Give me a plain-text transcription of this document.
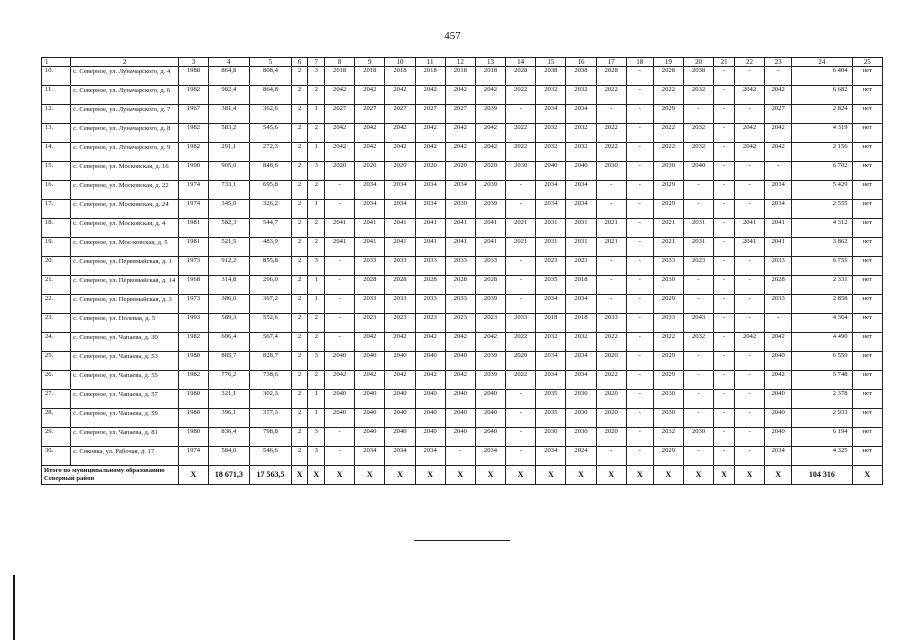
457
1	2	3	4	5	6	7	8	9	10	11	12	13	14	15	16	17	18	19	20	21	22	23	24	25
10.	с. Северное, ул. Луначарского, д. 4	1988	864,8	808,4	2	3	2018	2018	2018	2018	2018	2018	2028	2038	2038	2028	-	2028	2038	-	-	-	6 404	нет
11.	с. Северное, ул. Луначарского, д. 6	1982	902,4	864,8	2	2	2042	2042	2042	2042	2042	2042	2022	2032	2032	2022	-	2022	2032	-	2042	2042	6 682	нет
12.	с. Северное, ул. Луначарского, д. 7	1967	381,4	362,6	2	1	2027	2027	2027	2027	2027	2039	-	2034	2034	-	-	2029	-	-	-	2027	2 824	нет
13.	с. Северное, ул. Луначарского, д. 8	1982	583,2	545,6	2	2	2042	2042	2042	2042	2042	2042	2022	2032	2032	2022	-	2022	2032	-	2042	2042	4 319	нет
14.	с. Северное, ул. Луначарского, д. 9	1982	291,1	272,3	2	1	2042	2042	2042	2042	2042	2042	2022	2032	2032	2022	-	2022	2032	-	2042	2042	2 156	нет
15.	с. Северное, ул. Московская, д. 16	1990	905,0	848,6	2	3	2020	2020	2020	2020	2020	2020	2030	2040	2040	2030	-	2030	2040	-	-	-	6 702	нет
16.	с. Северное, ул. Московская, д. 22	1974	733,1	695,8	2	2	-	2034	2034	2034	2034	2039	-	2034	2034	-	-	2029	-	-	-	2034	5 429	нет
17.	с. Северное, ул. Московская, д. 24	1974	345,0	326,2	2	1	-	2034	2034	2034	2039	2039	-	2034	2034	-	-	2029	-	-	-	2034	2 555	нет
18.	с. Северное, ул. Московская, д. 4	1981	582,3	544,7	2	2	2041	2041	2041	2041	2041	2041	2021	2031	2031	2021	-	2021	2031	-	2041	2041	4 312	нет
19.	с. Северное, ул. Мос-ковская, д. 5	1981	521,5	483,9	2	2	2041	2041	2041	2041	2041	2041	2021	2031	2031	2021	-	2021	2031	-	2041	2041	3 862	нет
20.	с. Северное, ул. Первомайская, д. 1	1973	912,2	855,8	2	3	-	2033	2033	2033	2033	2033	-	2023	2023	-	-	2033	2023	-	-	2033	6 755	нет
21.	с. Северное, ул. Первомайская, д. 14	1968	314,8	296,0	2	1	-	2028	2028	2028	2028	2028	-	2035	2018	-	-	2030	-	-	-	2028	2 331	нет
22.	с. Северное, ул. Первомайская, д. 3	1973	386,0	367,2	2	1	-	2033	2033	2033	2033	2039	-	2034	2034	-	-	2029	-	-	-	2033	2 858	нет
23.	с. Северное, ул. Полевая, д. 5	1993	589,3	552,6	2	2	-	2023	2023	2023	2023	2023	2033	2018	2018	2033	-	2033	2043	-	-	-	4 364	нет
24.	с. Северное, ул. Чапаева, д. 30	1982	606,4	567,4	2	2	-	2042	2042	2042	2042	2042	2022	2032	2032	2022	-	2022	2032	-	2042	2042	4 490	нет
25.	с. Северное, ул. Чапаева, д. 53	1980	885,7	828,7	2	3	2040	2040	2040	2040	2040	2039	2020	2034	2034	2020	-	2029	-	-	-	2040	6 559	нет
26.	с. Северное, ул. Чапаева, д. 55	1982	776,2	738,6	2	2	2042	2042	2042	2042	2042	2039	2022	2034	2034	2022	-	2029	-	-	-	2042	5 748	нет
27.	с. Северное, ул. Чапаева, д. 57	1980	321,1	302,3	2	1	2040	2040	2040	2040	2040	2040	-	2035	2030	2020	-	2030	-	-	-	2040	2 378	нет
28.	с. Северное, ул. Чапаева, д. 59	1980	396,1	377,3	2	1	2040	2040	2040	2040	2040	2040	-	2035	2030	2020	-	2030	-	-	-	2040	2 933	нет
29.	с. Северное, ул. Чапаева, д. 81	1980	836,4	798,8	2	3	-	2040	2040	2040	2040	2040	-	2030	2030	2020	-	2032	2030	-	-	2040	6 194	нет
30.	с. Соковка, ул. Рабочая, д. 17	1974	584,0	546,6	2	3	-	2034	2034	2034	-	2034	-	2034	2024	-	-	2029	-	-	-	2034	4 325	нет
Итого по муниципальному образованию Северный район		X	18 671,3	17 563,5	X	X	X	X	X	X	X	X	X	X	X	X	X	X	X	X	X	X	104 316	X
